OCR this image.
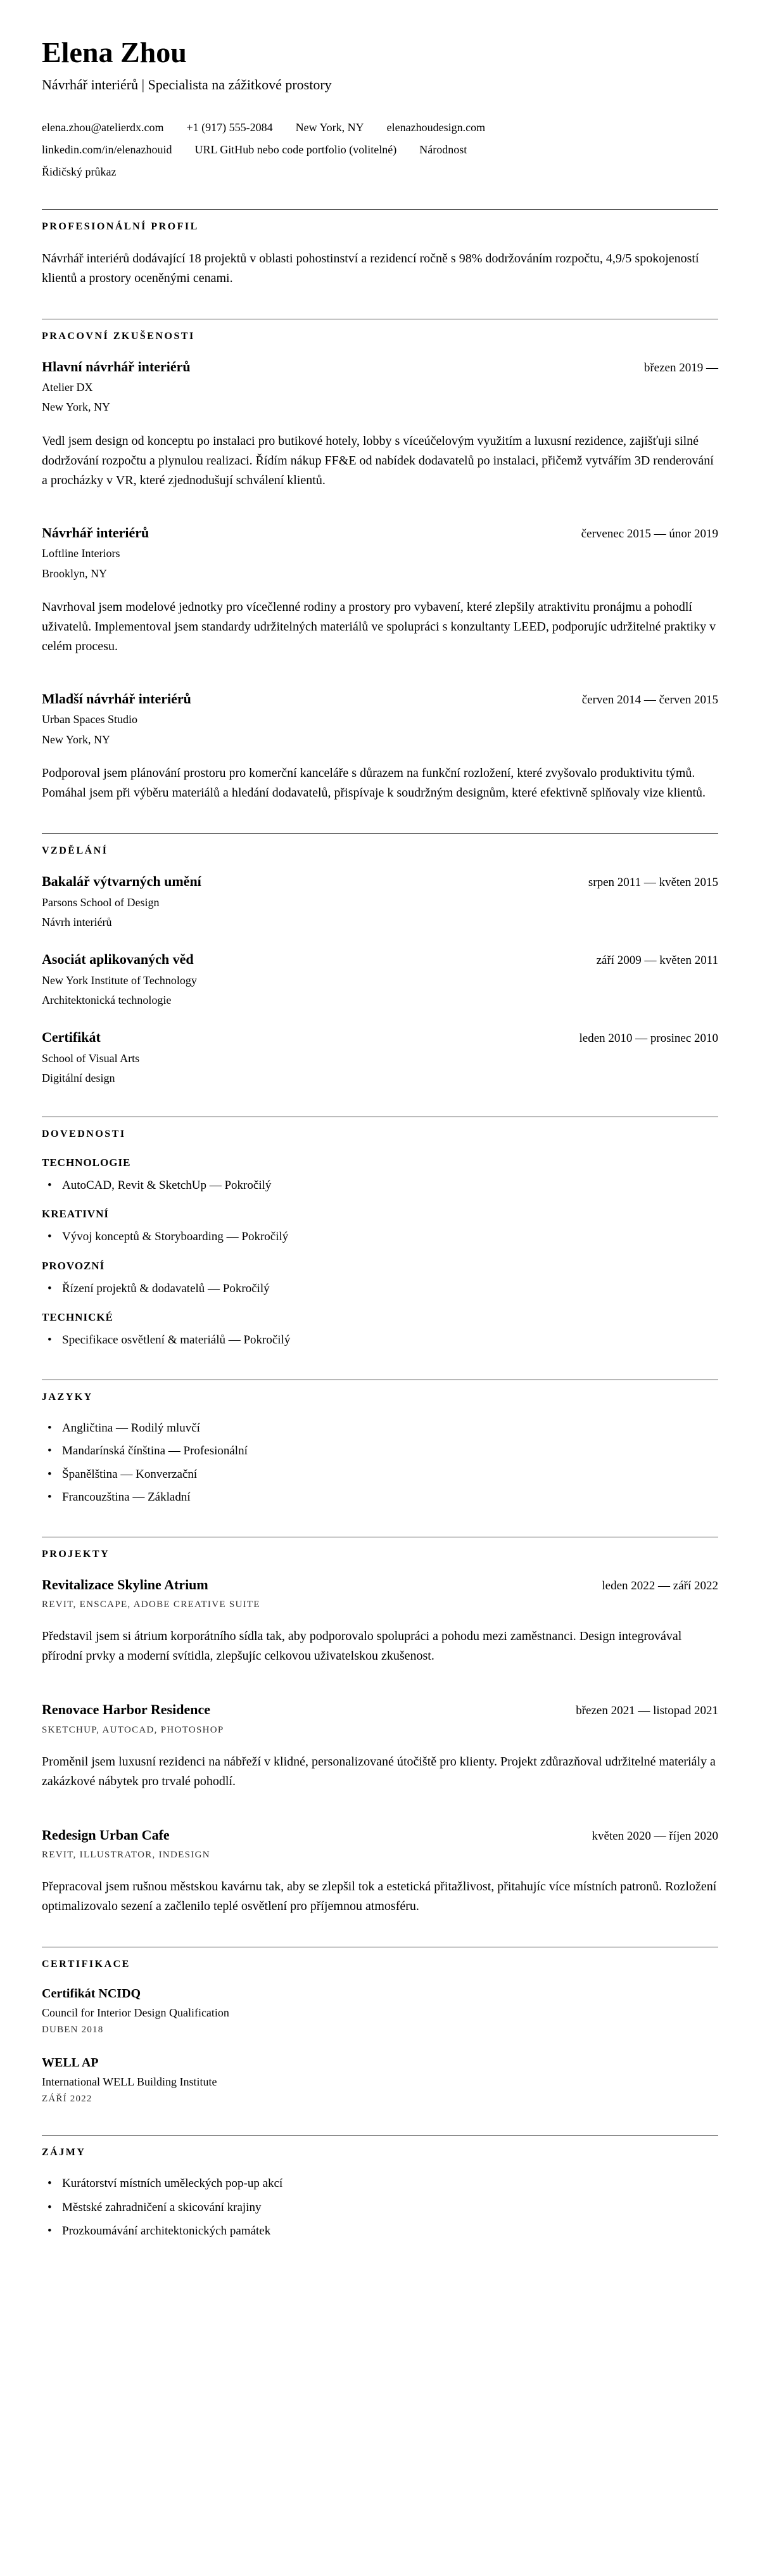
Elena Zhou
Návrhář interiérů | Specialista na zážitkové prostory
elena.zhou@atelierdx.com +1 (917) 555-2084 New York, NY elenazhoudesign.com
linkedin.com/in/elenazhouid URL GitHub nebo code portfolio (volitelné) Národnost
Řidičský průkaz
PROFESIONÁLNÍ PROFIL

Návrhář interiérů dodávající 18 projektů v oblasti pohostinství a rezidencí ročně s 98% dodržováním rozpočtu, 4,9/5 spokojeností klientů a prostory oceněnými cenami.

PRACOVNÍ ZKUŠENOSTI
Hlavní návrhář interiérů	březen 2019 —
Atelier DX
New York, NY

Vedl jsem design od konceptu po instalaci pro butikové hotely, lobby s víceúčelovým využitím a luxusní rezidence, zajišťuji silné dodržování rozpočtu a plynulou realizaci. Řídím nákup FF&E od nabídek dodavatelů po instalaci, přičemž vytvářím 3D renderování a procházky v VR, které zjednodušují schválení klientů.

Návrhář interiérů	červenec 2015 — únor 2019
Loftline Interiors
Brooklyn, NY

Navrhoval jsem modelové jednotky pro vícečlenné rodiny a prostory pro vybavení, které zlepšily atraktivitu pronájmu a pohodlí uživatelů. Implementoval jsem standardy udržitelných materiálů ve spolupráci s konzultanty LEED, podporujíc udržitelné praktiky v celém procesu.

Mladší návrhář interiérů	červen 2014 — červen 2015
Urban Spaces Studio
New York, NY

Podporoval jsem plánování prostoru pro komerční kanceláře s důrazem na funkční rozložení, které zvyšovalo produktivitu týmů. Pomáhal jsem při výběru materiálů a hledání dodavatelů, přispívaje k soudržným designům, které efektivně splňovaly vize klientů.

VZDĚLÁNÍ
Bakalář výtvarných umění	srpen 2011 — květen 2015
Parsons School of Design
Návrh interiérů
Asociát aplikovaných věd	září 2009 — květen 2011
New York Institute of Technology
Architektonická technologie
Certifikát	leden 2010 — prosinec 2010
School of Visual Arts
Digitální design
DOVEDNOSTI
TECHNOLOGIE
• AutoCAD, Revit & SketchUp — Pokročilý
KREATIVNÍ
• Vývoj konceptů & Storyboarding — Pokročilý
PROVOZNÍ
• Řízení projektů & dodavatelů — Pokročilý
TECHNICKÉ
• Specifikace osvětlení & materiálů — Pokročilý
JAZYKY
• Angličtina — Rodilý mluvčí
• Mandarínská čínština — Profesionální
• Španělština — Konverzační
• Francouzština — Základní
PROJEKTY
Revitalizace Skyline Atrium	leden 2022 — září 2022
REVIT, ENSCAPE, ADOBE CREATIVE SUITE

Představil jsem si átrium korporátního sídla tak, aby podporovalo spolupráci a pohodu mezi zaměstnanci. Design integrovával přírodní prvky a moderní svítidla, zlepšujíc celkovou uživatelskou zkušenost.

Renovace Harbor Residence	březen 2021 — listopad 2021
SKETCHUP, AUTOCAD, PHOTOSHOP

Proměnil jsem luxusní rezidenci na nábřeží v klidné, personalizované útočiště pro klienty. Projekt zdůrazňoval udržitelné materiály a zakázkové nábytek pro trvalé pohodlí.

Redesign Urban Cafe	květen 2020 — říjen 2020
REVIT, ILLUSTRATOR, INDESIGN

Přepracoval jsem rušnou městskou kavárnu tak, aby se zlepšil tok a estetická přitažlivost, přitahujíc více místních patronů. Rozložení optimalizovalo sezení a začlenilo teplé osvětlení pro příjemnou atmosféru.

CERTIFIKACE
Certifikát NCIDQ
Council for Interior Design Qualification
DUBEN 2018
WELL AP
International WELL Building Institute
ZÁŘÍ 2022
ZÁJMY
• Kurátorství místních uměleckých pop-up akcí
• Městské zahradničení a skicování krajiny
• Prozkoumávání architektonických památek
